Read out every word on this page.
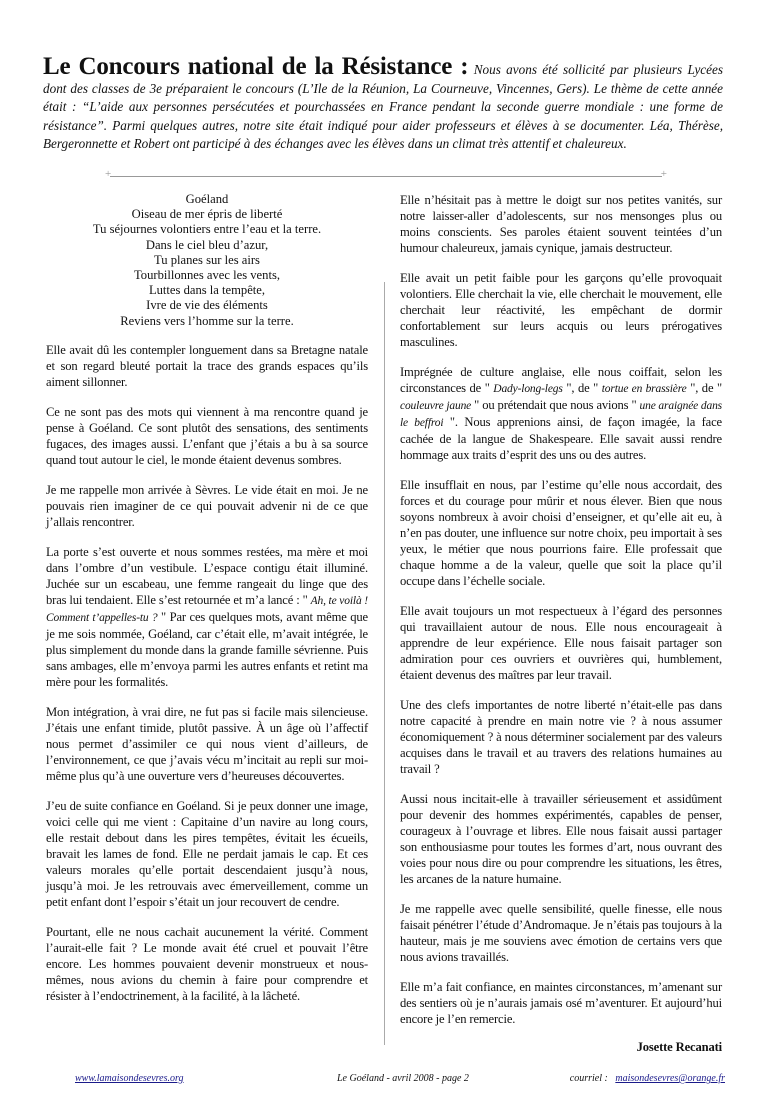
Le Concours national de la Résistance : Nous avons été sollicité par plusieurs Lycées dont des classes de 3e préparaient le concours (L’Ile de la Réunion, La Courneuve, Vincennes, Gers). Le thème de cette année était : “L’aide aux personnes persécutées et pourchassées en France pendant la seconde guerre mondiale : une forme de résistance”. Parmi quelques autres, notre site était indiqué pour aider professeurs et élèves à se documenter. Léa, Thérèse, Bergeronnette et Robert ont participé à des échanges avec les élèves dans un climat très attentif et chaleureux.
+ +
Goéland
Oiseau de mer épris de liberté
Tu séjournes volontiers entre l’eau et la terre.
Dans le ciel bleu d’azur,
Tu planes sur les airs
Tourbillonnes avec les vents,
Luttes dans la tempête,
Ivre de vie des éléments
Reviens vers l’homme sur la terre.

Elle avait dû les contempler longuement dans sa Bretagne natale et son regard bleuté portait la trace des grands espaces qu’ils aiment sillonner.

Ce ne sont pas des mots qui viennent à ma rencontre quand je pense à Goéland. Ce sont plutôt des sensations, des sentiments fugaces, des images aussi. L’enfant que j’étais a bu à sa source quand tout autour le ciel, le monde étaient devenus sombres.

Je me rappelle mon arrivée à Sèvres. Le vide était en moi. Je ne pouvais rien imaginer de ce qui pouvait advenir ni de ce que j’allais rencontrer.

La porte s’est ouverte et nous sommes restées, ma mère et moi dans l’ombre d’un vestibule. L’espace contigu était illuminé. Juchée sur un escabeau, une femme rangeait du linge que des bras lui tendaient. Elle s’est retournée et m’a lancé : " Ah, te voilà ! Comment t’appelles-tu ? " Par ces quelques mots, avant même que je me sois nommée, Goéland, car c’était elle, m’avait intégrée, le plus simplement du monde dans la grande famille sévrienne. Puis sans ambages, elle m’envoya parmi les autres enfants et retint ma mère pour les formalités.

Mon intégration, à vrai dire, ne fut pas si facile mais silencieuse. J’étais une enfant timide, plutôt passive. À un âge où l’affectif nous permet d’assimiler ce qui nous vient d’ailleurs, de l’environnement, ce que j’avais vécu m’incitait au repli sur moi-même plus qu’à une ouverture vers d’heureuses découvertes.

J’eu de suite confiance en Goéland. Si je peux donner une image, voici celle qui me vient : Capitaine d’un navire au long cours, elle restait debout dans les pires tempêtes, évitait les écueils, bravait les lames de fond. Elle ne perdait jamais le cap. Et ces valeurs morales qu’elle portait descendaient jusqu’à nous, jusqu’à moi. Je les retrouvais avec émerveillement, comme un petit enfant dont l’espoir s’était un jour recouvert de cendre.

Pourtant, elle ne nous cachait aucunement la vérité. Comment l’aurait-elle fait ? Le monde avait été cruel et pouvait l’être encore. Les hommes pouvaient devenir monstrueux et nous-mêmes, nous avions du chemin à faire pour comprendre et résister à l’endoctrinement, à la facilité, à la lâcheté.

Elle n’hésitait pas à mettre le doigt sur nos petites vanités, sur notre laisser-aller d’adolescents, sur nos mensonges plus ou moins conscients. Ses paroles étaient souvent teintées d’un humour chaleureux, jamais cynique, jamais destructeur.

Elle avait un petit faible pour les garçons qu’elle provoquait volontiers. Elle cherchait la vie, elle cherchait le mouvement, elle cherchait leur réactivité, les empêchant de dormir confortablement sur leurs acquis ou leurs prérogatives masculines.

Imprégnée de culture anglaise, elle nous coiffait, selon les circonstances de " Dady-long-legs ", de " tortue en brassière ", de " couleuvre jaune " ou prétendait que nous avions " une araignée dans le beffroi ". Nous apprenions ainsi, de façon imagée, la face cachée de la langue de Shakespeare. Elle savait aussi rendre hommage aux traits d’esprit des uns ou des autres.

Elle insufflait en nous, par l’estime qu’elle nous accordait, des forces et du courage pour mûrir et nous élever. Bien que nous soyons nombreux à avoir choisi d’enseigner, et qu’elle ait eu, à n’en pas douter, une influence sur notre choix, peu importait à ses yeux, le métier que nous pourrions faire. Elle professait que chaque homme a de la valeur, quelle que soit la place qu’il occupe dans l’échelle sociale.

Elle avait toujours un mot respectueux à l’égard des personnes qui travaillaient autour de nous. Elle nous encourageait à apprendre de leur expérience. Elle nous faisait partager son admiration pour ces ouvriers et ouvrières qui, humblement, étaient devenus des maîtres par leur travail.

Une des clefs importantes de notre liberté n’était-elle pas dans notre capacité à prendre en main notre vie ? à nous assumer économiquement ? à nous déterminer socialement par des valeurs acquises dans le travail et au travers des relations humaines au travail ?

Aussi nous incitait-elle à travailler sérieusement et assidûment pour devenir des hommes expérimentés, capables de penser, courageux à l’ouvrage et libres. Elle nous faisait aussi partager son enthousiasme pour toutes les formes d’art, nous ouvrant des voies pour nous dire ou pour comprendre les situations, les êtres, les arcanes de la nature humaine.

Je me rappelle avec quelle sensibilité, quelle finesse, elle nous faisait pénétrer l’étude d’Andromaque. Je n’étais pas toujours à la hauteur, mais je me souviens avec émotion de certains vers que nous avions travaillés.

Elle m’a fait confiance, en maintes circonstances, m’amenant sur des sentiers où je n’aurais jamais osé m’aventurer. Et aujourd’hui encore je l’en remercie.

Josette Recanati
www.lamaisondesevres.org	Le Goéland - avril 2008 - page 2	courriel : maisondesevres@orange.fr
